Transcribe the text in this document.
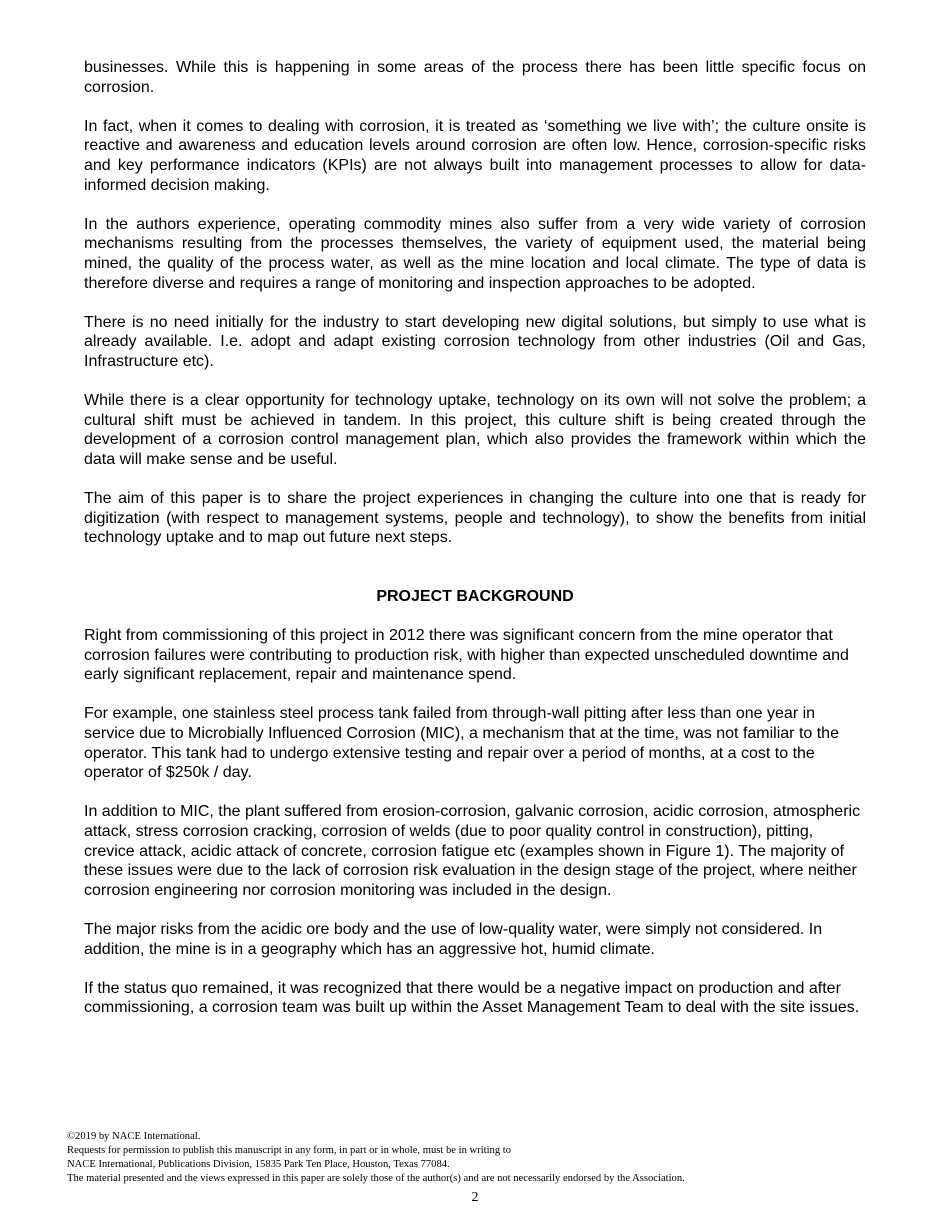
businesses. While this is happening in some areas of the process there has been little specific focus on corrosion.

In fact, when it comes to dealing with corrosion, it is treated as ‘something we live with’; the culture onsite is reactive and awareness and education levels around corrosion are often low. Hence, corrosion-specific risks and key performance indicators (KPIs) are not always built into management processes to allow for data-informed decision making.

In the authors experience, operating commodity mines also suffer from a very wide variety of corrosion mechanisms resulting from the processes themselves, the variety of equipment used, the material being mined, the quality of the process water, as well as the mine location and local climate. The type of data is therefore diverse and requires a range of monitoring and inspection approaches to be adopted.

There is no need initially for the industry to start developing new digital solutions, but simply to use what is already available. I.e. adopt and adapt existing corrosion technology from other industries (Oil and Gas, Infrastructure etc).

While there is a clear opportunity for technology uptake, technology on its own will not solve the problem; a cultural shift must be achieved in tandem. In this project, this culture shift is being created through the development of a corrosion control management plan, which also provides the framework within which the data will make sense and be useful.

The aim of this paper is to share the project experiences in changing the culture into one that is ready for digitization (with respect to management systems, people and technology), to show the benefits from initial technology uptake and to map out future next steps.

PROJECT BACKGROUND

Right from commissioning of this project in 2012 there was significant concern from the mine operator that corrosion failures were contributing to production risk, with higher than expected unscheduled downtime and early significant replacement, repair and maintenance spend.

For example, one stainless steel process tank failed from through-wall pitting after less than one year in service due to Microbially Influenced Corrosion (MIC), a mechanism that at the time, was not familiar to the operator. This tank had to undergo extensive testing and repair over a period of months, at a cost to the operator of $250k / day.

In addition to MIC, the plant suffered from erosion-corrosion, galvanic corrosion, acidic corrosion, atmospheric attack, stress corrosion cracking, corrosion of welds (due to poor quality control in construction), pitting, crevice attack, acidic attack of concrete, corrosion fatigue etc (examples shown in Figure 1). The majority of these issues were due to the lack of corrosion risk evaluation in the design stage of the project, where neither corrosion engineering nor corrosion monitoring was included in the design.

The major risks from the acidic ore body and the use of low-quality water, were simply not considered. In addition, the mine is in a geography which has an aggressive hot, humid climate.

If the status quo remained, it was recognized that there would be a negative impact on production and after commissioning, a corrosion team was built up within the Asset Management Team to deal with the site issues.

©2019 by NACE International.
Requests for permission to publish this manuscript in any form, in part or in whole, must be in writing to
NACE International, Publications Division, 15835 Park Ten Place, Houston, Texas 77084.
The material presented and the views expressed in this paper are solely those of the author(s) and are not necessarily endorsed by the Association.
2
